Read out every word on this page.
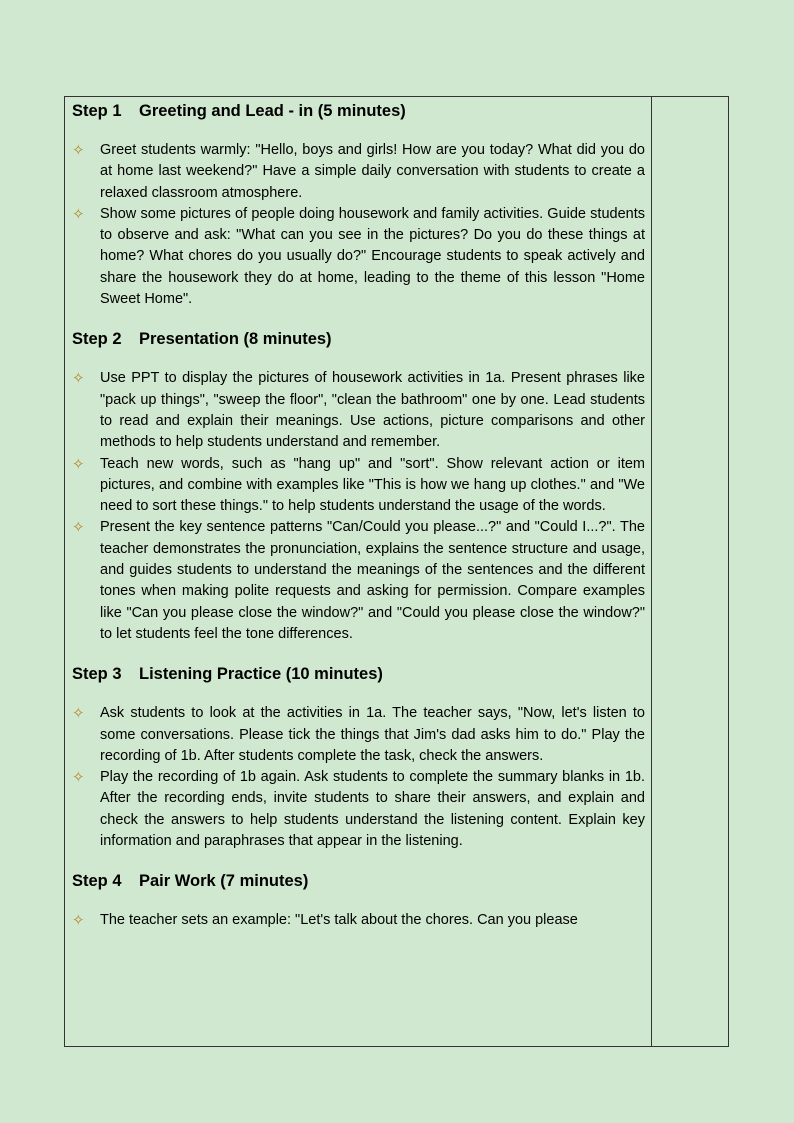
Step 1 Greeting and Lead - in (5 minutes)
✧ Greet students warmly: "Hello, boys and girls! How are you today? What did you do at home last weekend?" Have a simple daily conversation with students to create a relaxed classroom atmosphere.
✧ Show some pictures of people doing housework and family activities. Guide students to observe and ask: "What can you see in the pictures? Do you do these things at home? What chores do you usually do?" Encourage students to speak actively and share the housework they do at home, leading to the theme of this lesson "Home Sweet Home".
Step 2 Presentation (8 minutes)
✧ Use PPT to display the pictures of housework activities in 1a. Present phrases like "pack up things", "sweep the floor", "clean the bathroom" one by one. Lead students to read and explain their meanings. Use actions, picture comparisons and other methods to help students understand and remember.
✧ Teach new words, such as "hang up" and "sort". Show relevant action or item pictures, and combine with examples like "This is how we hang up clothes." and "We need to sort these things." to help students understand the usage of the words.
✧ Present the key sentence patterns "Can/Could you please...?" and "Could I...?". The teacher demonstrates the pronunciation, explains the sentence structure and usage, and guides students to understand the meanings of the sentences and the different tones when making polite requests and asking for permission. Compare examples like "Can you please close the window?" and "Could you please close the window?" to let students feel the tone differences.
Step 3 Listening Practice (10 minutes)
✧ Ask students to look at the activities in 1a. The teacher says, "Now, let's listen to some conversations. Please tick the things that Jim's dad asks him to do." Play the recording of 1b. After students complete the task, check the answers.
✧ Play the recording of 1b again. Ask students to complete the summary blanks in 1b. After the recording ends, invite students to share their answers, and explain and check the answers to help students understand the listening content. Explain key information and paraphrases that appear in the listening.
Step 4 Pair Work (7 minutes)
✧ The teacher sets an example: "Let's talk about the chores. Can you please
